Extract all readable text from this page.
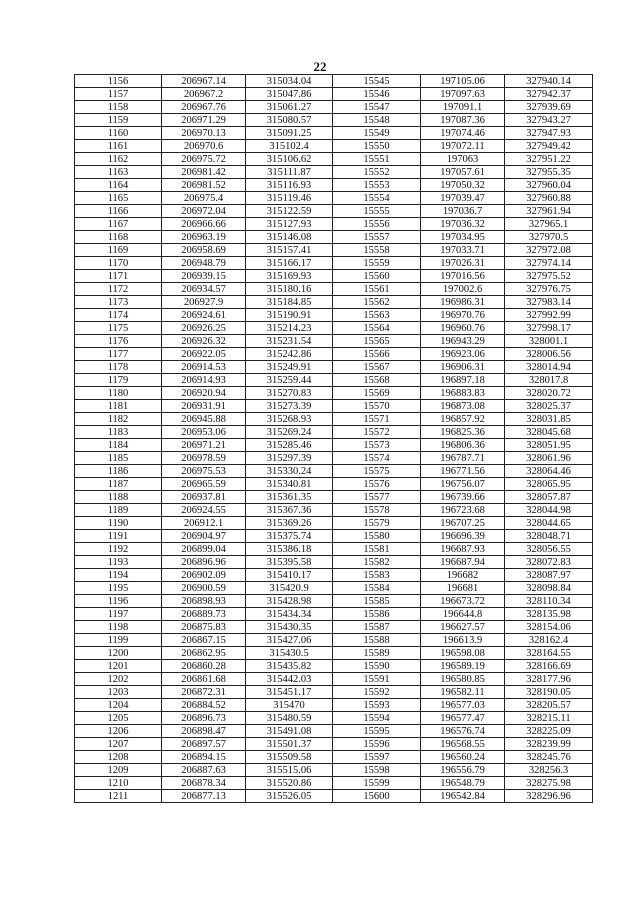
22
1156	206967.14	315034.04	15545	197105.06	327940.14
1157	206967.2	315047.86	15546	197097.63	327942.37
1158	206967.76	315061.27	15547	197091.1	327939.69
1159	206971.29	315080.57	15548	197087.36	327943.27
1160	206970.13	315091.25	15549	197074.46	327947.93
1161	206970.6	315102.4	15550	197072.11	327949.42
1162	206975.72	315106.62	15551	197063	327951.22
1163	206981.42	315111.87	15552	197057.61	327955.35
1164	206981.52	315116.93	15553	197050.32	327960.04
1165	206975.4	315119.46	15554	197039.47	327960.88
1166	206972.04	315122.59	15555	197036.7	327961.94
1167	206966.66	315127.93	15556	197036.32	327965.1
1168	206963.19	315146.08	15557	197034.95	327970.5
1169	206958.69	315157.41	15558	197033.71	327972.08
1170	206948.79	315166.17	15559	197026.31	327974.14
1171	206939.15	315169.93	15560	197016.56	327975.52
1172	206934.57	315180.16	15561	197002.6	327976.75
1173	206927.9	315184.85	15562	196986.31	327983.14
1174	206924.61	315190.91	15563	196970.76	327992.99
1175	206926.25	315214.23	15564	196960.76	327998.17
1176	206926.32	315231.54	15565	196943.29	328001.1
1177	206922.05	315242.86	15566	196923.06	328006.56
1178	206914.53	315249.91	15567	196906.31	328014.94
1179	206914.93	315259.44	15568	196897.18	328017.8
1180	206920.94	315270.83	15569	196883.83	328020.72
1181	206931.91	315273.39	15570	196873.08	328025.37
1182	206945.88	315268.93	15571	196857.92	328031.85
1183	206953.06	315269.24	15572	196825.36	328045.68
1184	206971.21	315285.46	15573	196806.36	328051.95
1185	206978.59	315297.39	15574	196787.71	328061.96
1186	206975.53	315330.24	15575	196771.56	328064.46
1187	206965.59	315340.81	15576	196756.07	328065.95
1188	206937.81	315361.35	15577	196739.66	328057.87
1189	206924.55	315367.36	15578	196723.68	328044.98
1190	206912.1	315369.26	15579	196707.25	328044.65
1191	206904.97	315375.74	15580	196696.39	328048.71
1192	206899.04	315386.18	15581	196687.93	328056.55
1193	206896.96	315395.58	15582	196687.94	328072.83
1194	206902.09	315410.17	15583	196682	328087.97
1195	206900.59	315420.9	15584	196681	328098.84
1196	206898.93	315428.98	15585	196673.72	328110.34
1197	206889.73	315434.34	15586	196644.8	328135.98
1198	206875.83	315430.35	15587	196627.57	328154.06
1199	206867.15	315427.06	15588	196613.9	328162.4
1200	206862.95	315430.5	15589	196598.08	328164.55
1201	206860.28	315435.82	15590	196589.19	328166.69
1202	206861.68	315442.03	15591	196580.85	328177.96
1203	206872.31	315451.17	15592	196582.11	328190.05
1204	206884.52	315470	15593	196577.03	328205.57
1205	206896.73	315480.59	15594	196577.47	328215.11
1206	206898.47	315491.08	15595	196576.74	328225.09
1207	206897.57	315501.37	15596	196568.55	328239.99
1208	206894.15	315509.58	15597	196560.24	328245.76
1209	206887.63	315515.06	15598	196556.79	328256.3
1210	206878.34	315520.86	15599	196548.79	328275.98
1211	206877.13	315526.05	15600	196542.84	328296.96
